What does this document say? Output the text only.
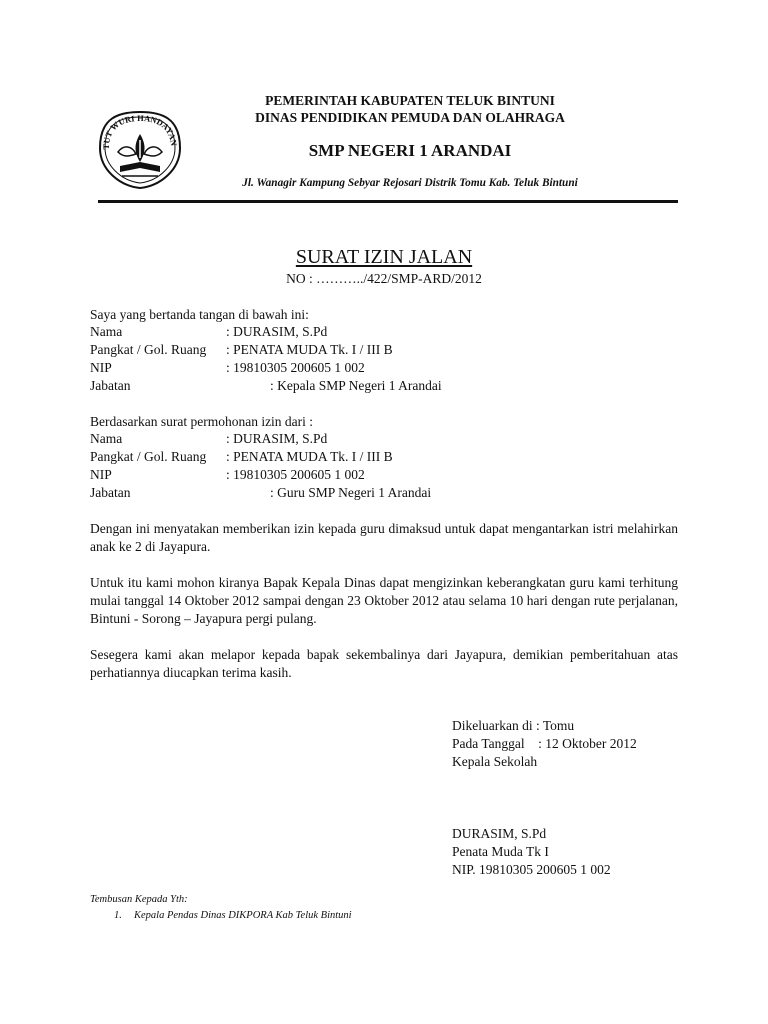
TUT WURI HANDAYAN
PEMERINTAH KABUPATEN TELUK BINTUNI
DINAS PENDIDIKAN PEMUDA DAN OLAHRAGA
SMP NEGERI 1 ARANDAI
Jl. Wanagir Kampung Sebyar Rejosari Distrik Tomu Kab. Teluk Bintuni
SURAT IZIN JALAN
NO : ………../422/SMP-ARD/2012
Saya yang bertanda tangan di bawah ini:
Nama	: DURASIM, S.Pd
Pangkat / Gol. Ruang : PENATA MUDA Tk. I / III B
NIP	: 19810305 200605 1 002
Jabatan	: Kepala SMP Negeri 1 Arandai
Berdasarkan surat permohonan izin dari :
Nama	: DURASIM, S.Pd
Pangkat / Gol. Ruang : PENATA MUDA Tk. I / III B
NIP	: 19810305 200605 1 002
Jabatan	: Guru SMP Negeri 1 Arandai

Dengan ini menyatakan memberikan izin kepada guru dimaksud untuk dapat mengantarkan istri melahirkan anak ke 2 di Jayapura.

Untuk itu kami mohon kiranya Bapak Kepala Dinas dapat mengizinkan keberangkatan guru kami terhitung mulai tanggal 14 Oktober 2012 sampai dengan 23 Oktober 2012 atau selama 10 hari dengan rute perjalanan, Bintuni - Sorong – Jayapura pergi pulang.

Sesegera kami akan melapor kepada bapak sekembalinya dari Jayapura, demikian pemberitahuan atas perhatiannya diucapkan terima kasih.

Dikeluarkan di : Tomu
Pada Tanggal    : 12 Oktober 2012
Kepala Sekolah
DURASIM, S.Pd
Penata Muda Tk I
NIP. 19810305 200605 1 002
Tembusan Kepada Yth:
1. Kepala Pendas Dinas DIKPORA Kab Teluk Bintuni
